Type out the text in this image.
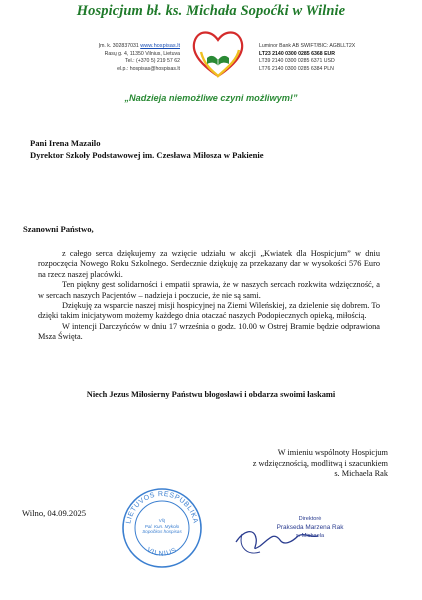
Hospicjum bł. ks. Michała Sopoćki w Wilnie
Įm. k. 302837031 www.hospisas.lt
Rasų g. 4, 11350 Vilnius, Lietuva
Tel.: (+370 5) 219 57 62
el.p.: hospisas@hospisas.lt
Luminor Bank AB SWIFT/BIC: AGBLLT2X
LT23 2140 0300 0285 6368 EUR
LT39 2140 0300 0285 6371 USD
LT76 2140 0300 0285 6384 PLN
„Nadzieja niemożliwe czyni możliwym!”
Pani Irena Mazailo
Dyrektor Szkoły Podstawowej im. Czesława Miłosza w Pakienie
Szanowni Państwo,

z całego serca dziękujemy za wzięcie udziału w akcji „Kwiatek dla Hospicjum” w dniu rozpoczęcia Nowego Roku Szkolnego. Serdecznie dziękuję za przekazany dar w wysokości 576 Euro na rzecz naszej placówki.

Ten piękny gest solidarności i empatii sprawia, że w naszych sercach rozkwita wdzięczność, a w sercach naszych Pacjentów – nadzieja i poczucie, że nie są sami.

Dziękuję za wsparcie naszej misji hospicyjnej na Ziemi Wileńskiej, za dzielenie się dobrem. To dzięki takim inicjatywom możemy każdego dnia otaczać naszych Podopiecznych opieką, miłością.

W intencji Darczyńców w dniu 17 września o godz. 10.00 w Ostrej Bramie będzie odprawiona Msza Święta.

Niech Jezus Miłosierny Państwu błogosławi i obdarza swoimi łaskami
W imieniu wspólnoty Hospicjum
z wdzięcznością, modlitwą i szacunkiem
s. Michaela Rak
Wilno, 04.09.2025
LIETUVOS RESPUBLIKA
VILNIUS
VšĮ
Pal. Kun. Mykolo Sopočkos hospisas
Direktorė
Prakseda Marzena Rak
s. Michaela
